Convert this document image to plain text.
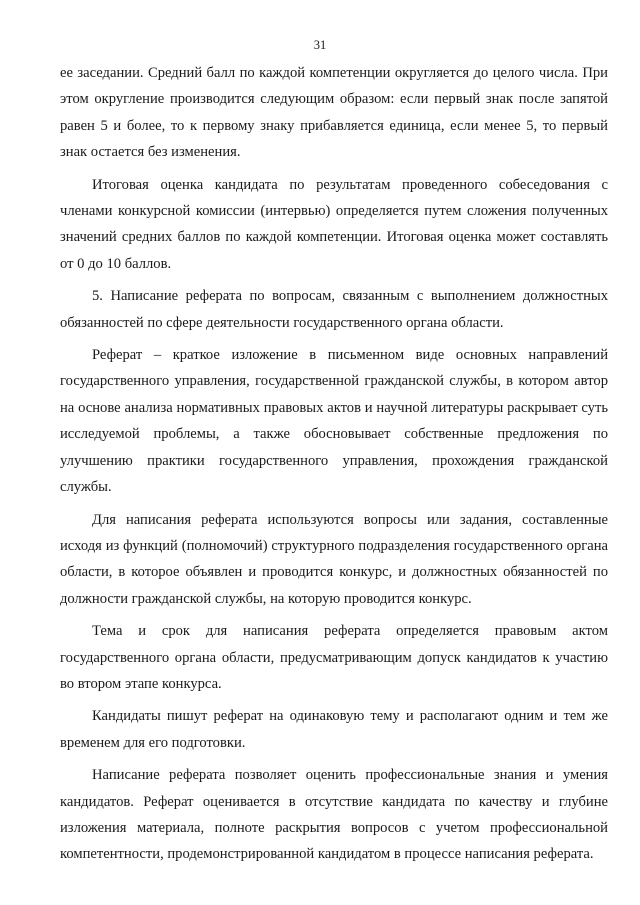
31

ее заседании. Средний балл по каждой компетенции округляется до целого числа. При этом округление производится следующим образом: если первый знак после запятой равен 5 и более, то к первому знаку прибавляется единица, если менее 5, то первый знак остается без изменения.

Итоговая оценка кандидата по результатам проведенного собеседования с членами конкурсной комиссии (интервью) определяется путем сложения полученных значений средних баллов по каждой компетенции. Итоговая оценка может составлять от 0 до 10 баллов.

5. Написание реферата по вопросам, связанным с выполнением должностных обязанностей по сфере деятельности государственного органа области.

Реферат – краткое изложение в письменном виде основных направлений государственного управления, государственной гражданской службы, в котором автор на основе анализа нормативных правовых актов и научной литературы раскрывает суть исследуемой проблемы, а также обосновывает собственные предложения по улучшению практики государственного управления, прохождения гражданской службы.

Для написания реферата используются вопросы или задания, составленные исходя из функций (полномочий) структурного подразделения государственного органа области, в которое объявлен и проводится конкурс, и должностных обязанностей по должности гражданской службы, на которую проводится конкурс.

Тема и срок для написания реферата определяется правовым актом государственного органа области, предусматривающим допуск кандидатов к участию во втором этапе конкурса.

Кандидаты пишут реферат на одинаковую тему и располагают одним и тем же временем для его подготовки.

Написание реферата позволяет оценить профессиональные знания и умения кандидатов. Реферат оценивается в отсутствие кандидата по качеству и глубине изложения материала, полноте раскрытия вопросов с учетом профессиональной компетентности, продемонстрированной кандидатом в процессе написания реферата.
